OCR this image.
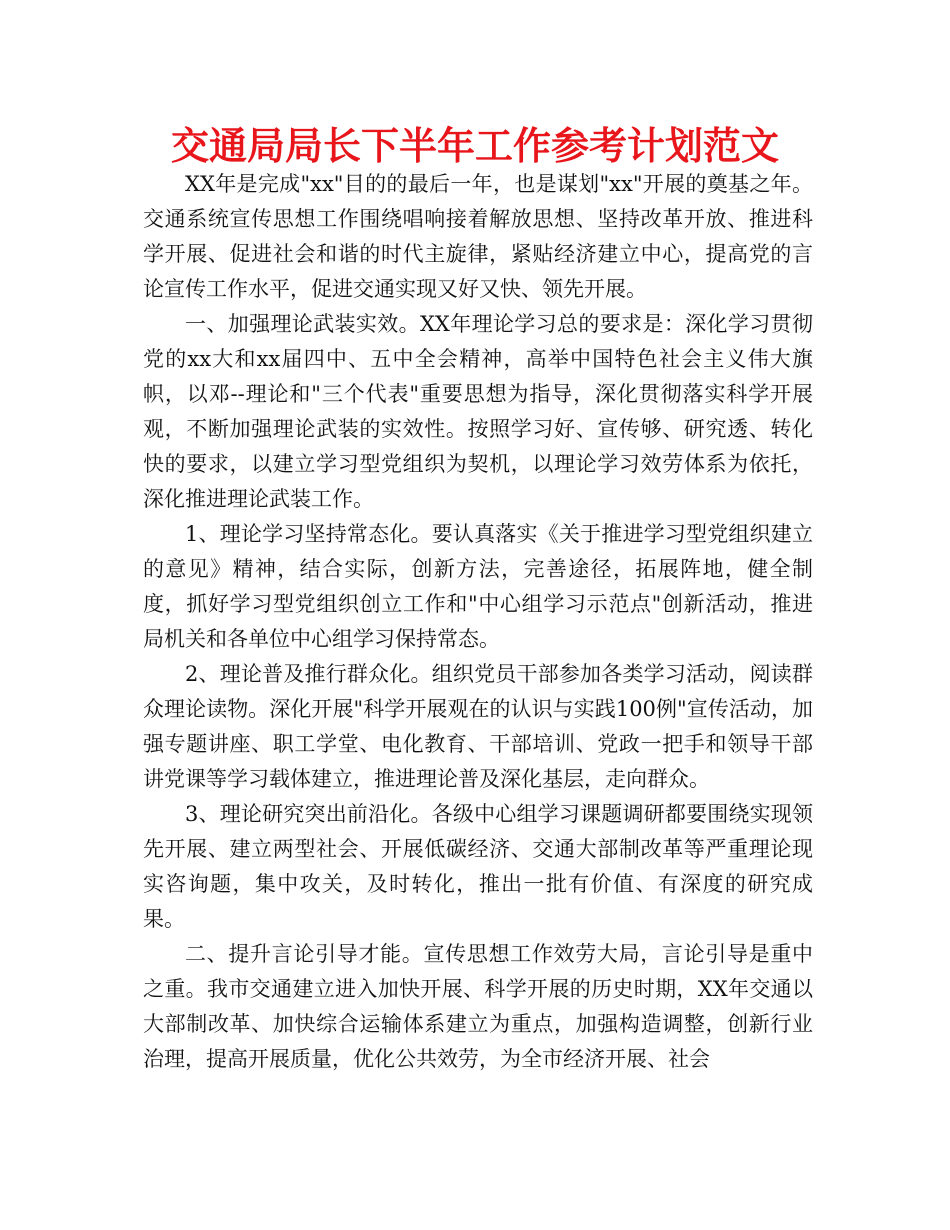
交通局局长下半年工作参考计划范文

XX年是完成"xx"目的的最后一年，也是谋划"xx"开展的奠基之年。交通系统宣传思想工作围绕唱响接着解放思想、坚持改革开放、推进科学开展、促进社会和谐的时代主旋律，紧贴经济建立中心，提高党的言论宣传工作水平，促进交通实现又好又快、领先开展。

一、加强理论武装实效。XX年理论学习总的要求是：深化学习贯彻党的xx大和xx届四中、五中全会精神，高举中国特色社会主义伟大旗帜，以邓--理论和"三个代表"重要思想为指导，深化贯彻落实科学开展观，不断加强理论武装的实效性。按照学习好、宣传够、研究透、转化快的要求，以建立学习型党组织为契机，以理论学习效劳体系为依托，深化推进理论武装工作。

1、理论学习坚持常态化。要认真落实《关于推进学习型党组织建立的意见》精神，结合实际，创新方法，完善途径，拓展阵地，健全制度，抓好学习型党组织创立工作和"中心组学习示范点"创新活动，推进局机关和各单位中心组学习保持常态。

2、理论普及推行群众化。组织党员干部参加各类学习活动，阅读群众理论读物。深化开展"科学开展观在的认识与实践100例"宣传活动，加强专题讲座、职工学堂、电化教育、干部培训、党政一把手和领导干部讲党课等学习载体建立，推进理论普及深化基层，走向群众。

3、理论研究突出前沿化。各级中心组学习课题调研都要围绕实现领先开展、建立两型社会、开展低碳经济、交通大部制改革等严重理论现实咨询题，集中攻关，及时转化，推出一批有价值、有深度的研究成果。

二、提升言论引导才能。宣传思想工作效劳大局，言论引导是重中之重。我市交通建立进入加快开展、科学开展的历史时期，XX年交通以大部制改革、加快综合运输体系建立为重点，加强构造调整，创新行业治理，提高开展质量，优化公共效劳，为全市经济开展、社会
